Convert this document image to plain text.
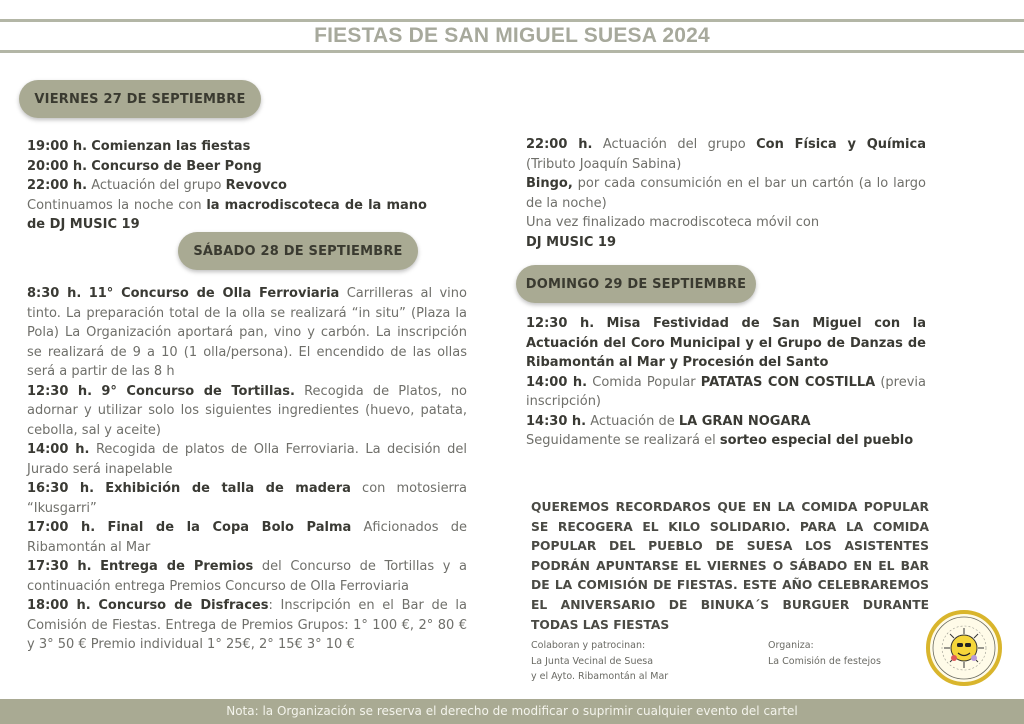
FIESTAS DE SAN MIGUEL SUESA 2024
VIERNES 27 DE SEPTIEMBRE

19:00 h. Comienzan las fiestas

20:00 h. Concurso de Beer Pong

22:00 h. Actuación del grupo Revovco

Continuamos la noche con la macrodiscoteca de la mano de DJ MUSIC 19

SÁBADO 28 DE SEPTIEMBRE

8:30 h. 11° Concurso de Olla Ferroviaria Carrilleras al vino tinto. La preparación total de la olla se realizará “in situ” (Plaza la Pola) La Organización aportará pan, vino y carbón. La inscripción se realizará de 9 a 10 (1 olla/persona). El encendido de las ollas será a partir de las 8 h

12:30 h. 9° Concurso de Tortillas. Recogida de Platos, no adornar y utilizar solo los siguientes ingredientes (huevo, patata, cebolla, sal y aceite)

14:00 h. Recogida de platos de Olla Ferroviaria. La decisión del Jurado será inapelable

16:30 h. Exhibición de talla de madera con motosierra “Ikusgarri”

17:00 h. Final de la Copa Bolo Palma Aficionados de Ribamontán al Mar

17:30 h. Entrega de Premios del Concurso de Tortillas y a continuación entrega Premios Concurso de Olla Ferroviaria

18:00 h. Concurso de Disfraces: Inscripción en el Bar de la Comisión de Fiestas. Entrega de Premios Grupos: 1° 100 €, 2° 80 € y 3° 50 € Premio individual 1° 25€, 2° 15€ 3° 10 €

22:00 h. Actuación del grupo Con Física y Química (Tributo Joaquín Sabina)

Bingo, por cada consumición en el bar un cartón (a lo largo de la noche)

Una vez finalizado macrodiscoteca móvil con
DJ MUSIC 19

DOMINGO 29 DE SEPTIEMBRE

12:30 h. Misa Festividad de San Miguel con la Actuación del Coro Municipal y el Grupo de Danzas de Ribamontán al Mar y Procesión del Santo

14:00 h. Comida Popular PATATAS CON COSTILLA (previa inscripción)

14:30 h. Actuación de LA GRAN NOGARA

Seguidamente se realizará el sorteo especial del pueblo

QUEREMOS RECORDAROS QUE EN LA COMIDA POPULAR SE RECOGERA EL KILO SOLIDARIO. PARA LA COMIDA POPULAR DEL PUEBLO DE SUESA LOS ASISTENTES PODRÁN APUNTARSE EL VIERNES O SÁBADO EN EL BAR DE LA COMISIÓN DE FIESTAS. ESTE AÑO CELEBRAREMOS EL ANIVERSARIO DE BINUKA´S BURGUER DURANTE TODAS LAS FIESTAS
Colaboran y patrocinan:
La Junta Vecinal de Suesa
y el Ayto. Ribamontán al Mar
Organiza:
La Comisión de festejos
Nota: la Organización se reserva el derecho de modificar o suprimir cualquier evento del cartel
